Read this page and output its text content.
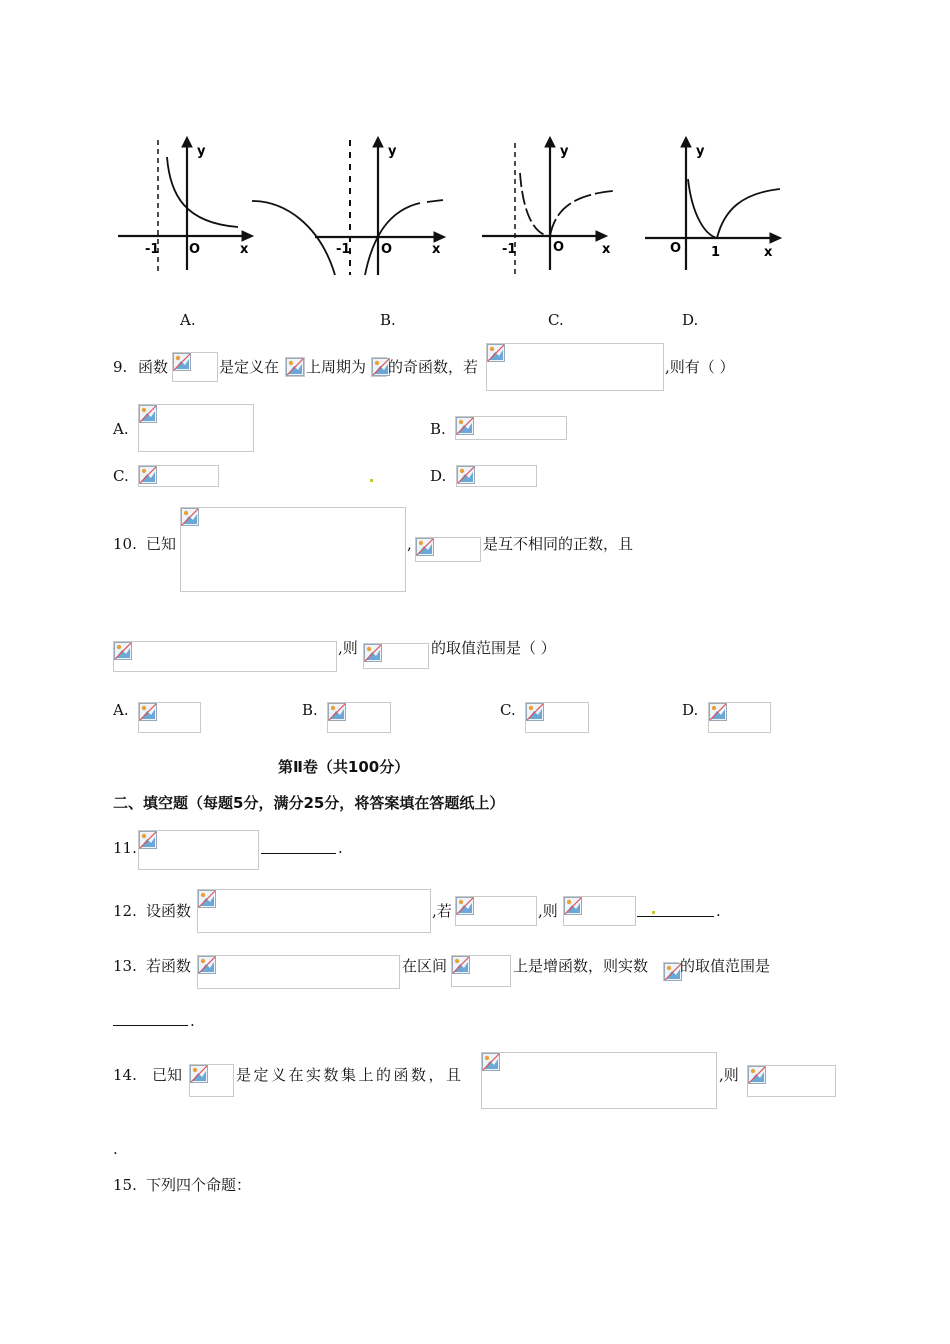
y
x
O
-1
y
x
O
-1
y
x
O
-1
y
x
O 1
A.	B.	C.	D.
9. 函数	是定义在 上周期为 的奇函数，若	,则有（ ）
A.	B.
C.	D.
10. 已知	,	是互不相同的正数，且
,则	的取值范围是（ ）
A.	B.	C.	D.
第Ⅱ卷（共100分）
二、填空题（每题5分，满分25分，将答案填在答题纸上）
11.	.
12. 设函数	,若	,则	.
13. 若函数	在区间	上是增函数，则实数 的取值范围是
.
14. 已知	是定义在实数集上的函数，且	,则
.
15. 下列四个命题：
